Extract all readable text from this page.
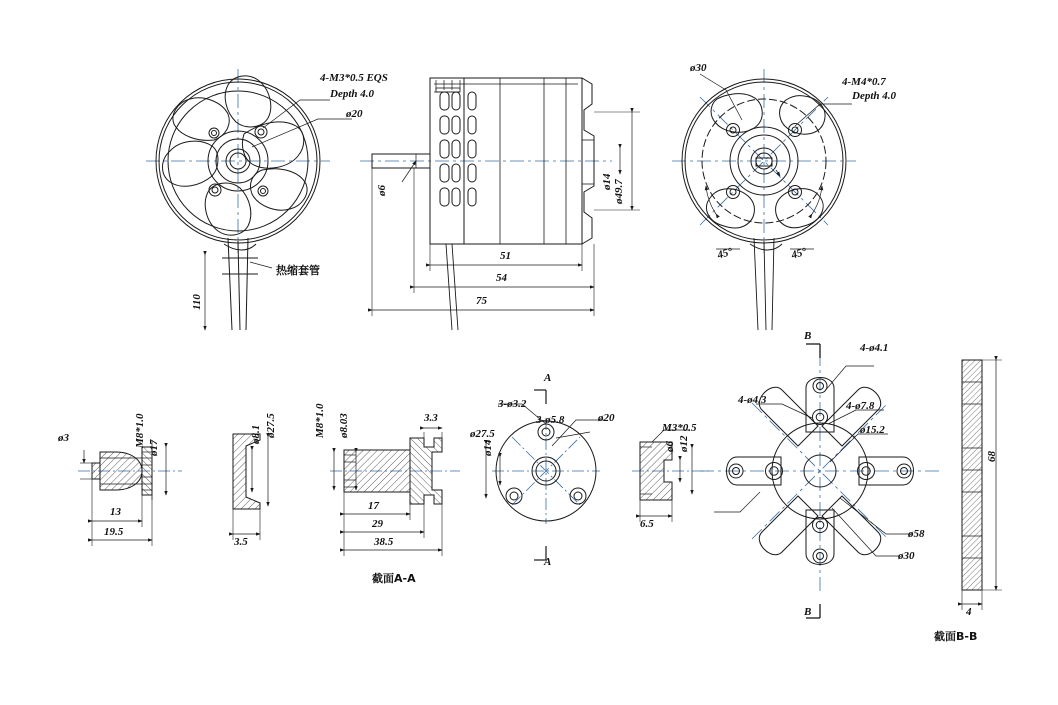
4-M3*0.5 EQS
Depth 4.0
ø20
热缩套管
110
ø6
ø14 ø49.7
51
54
75
ø30
4-M4*0.7
Depth 4.0
45°	45°
ø3	M8*1.0 ø17
13
19.5
ø8.1 ø27.5
3.5
M8*1.0 ø8.03	3.3
17
29
38.5
截面A-A
ø27.5
ø14
3-ø3.2
3-ø5.8	ø20
A
A
M3*0.5
ø6 ø12
6.5
4-ø4.1
4-ø4.3	4-ø7.8
ø15.2
ø58
ø30
B
B
68
4
截面B-B
